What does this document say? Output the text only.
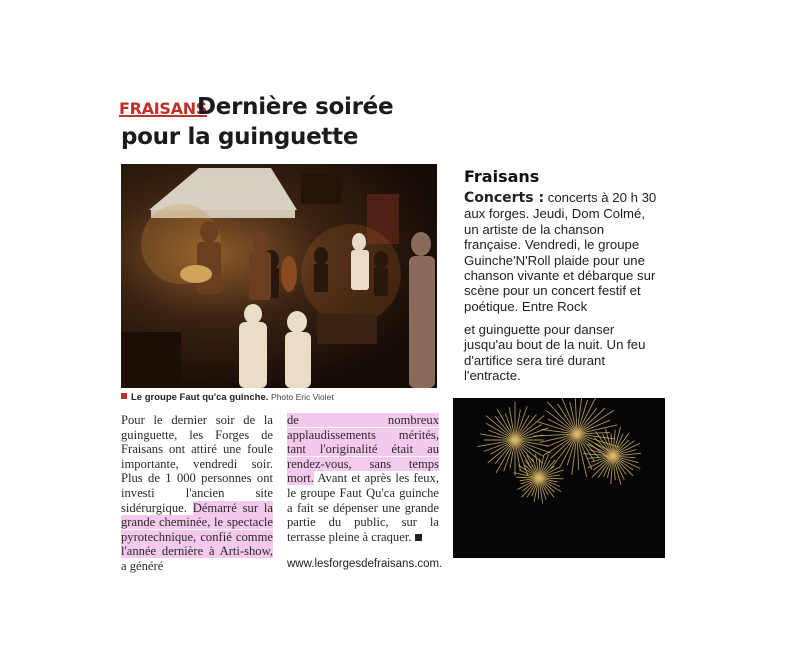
FRAISANS
Dernière soirée
pour la guinguette
Le groupe Faut qu'ca guinche. Photo Eric Violet
Pour le dernier soir de la guinguette, les Forges de Fraisans ont attiré une foule importante, vendredi soir. Plus de 1 000 personnes ont investi l'ancien site sidérurgique. Démarré sur la grande cheminée, le spectacle pyrotechnique, confié comme l'année dernière à Arti-show, a généré
de nombreux applaudissements mérités, tant l'originalité était au rendez-vous, sans temps mort. Avant et après les feux, le groupe Faut Qu'ca guinche a fait se dépenser une grande partie du public, sur la terrasse pleine à craquer.
www.lesforgesdefraisans.com.
Fraisans
Concerts : concerts à 20 h 30 aux forges. Jeudi, Dom Colmé, un artiste de la chanson française. Vendredi, le groupe Guinche'N'Roll plaide pour une chanson vivante et débarque sur scène pour un concert festif et poétique. Entre Rock
et guinguette pour danser jusqu'au bout de la nuit. Un feu d'artifice sera tiré durant l'entracte.
